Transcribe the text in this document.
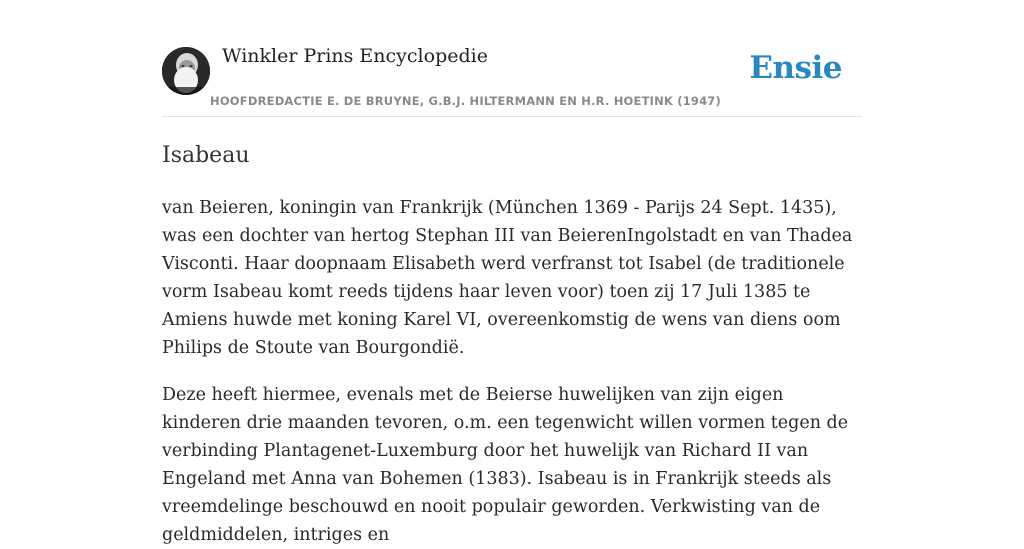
Winkler Prins Encyclopedie
HOOFDREDACTIE E. DE BRUYNE, G.B.J. HILTERMANN EN H.R. HOETINK (1947)
Ensie
Isabeau

van Beieren, koningin van Frankrijk (München 1369 - Parijs 24 Sept. 1435), was een dochter van hertog Stephan III van BeierenIngolstadt en van Thadea Visconti. Haar doopnaam Elisabeth werd verfranst tot Isabel (de traditionele vorm Isabeau komt reeds tijdens haar leven voor) toen zij 17 Juli 1385 te Amiens huwde met koning Karel VI, overeenkomstig de wens van diens oom Philips de Stoute van Bourgondië.

Deze heeft hiermee, evenals met de Beierse huwelijken van zijn eigen kinderen drie maanden tevoren, o.m. een tegenwicht willen vormen tegen de verbinding Plantagenet-Luxemburg door het huwelijk van Richard II van Engeland met Anna van Bohemen (1383). Isabeau is in Frankrijk steeds als vreemdelinge beschouwd en nooit populair geworden. Verkwisting van de geldmiddelen, intriges en
